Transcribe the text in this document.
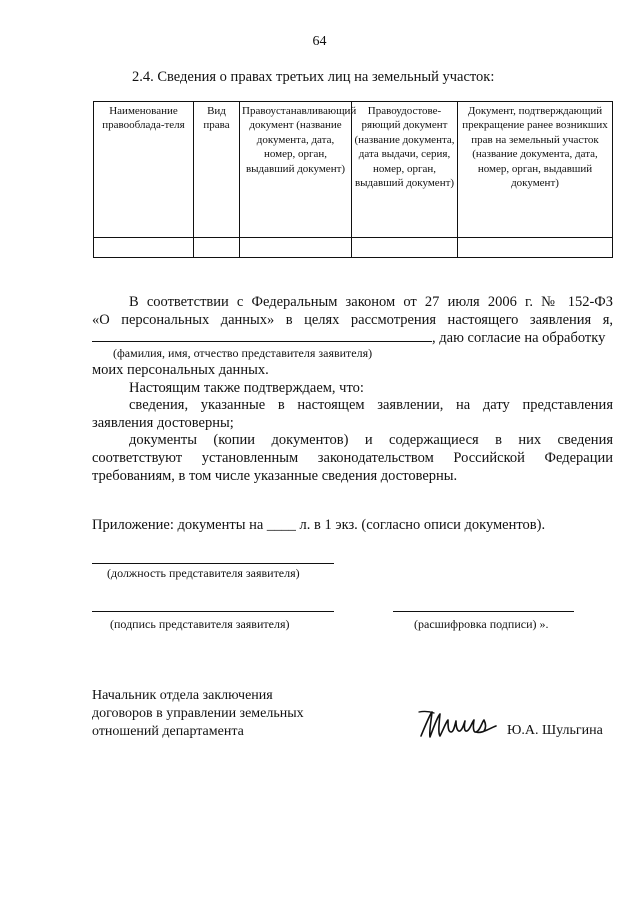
64
2.4. Сведения о правах третьих лиц на земельный участок:
Наименование правооблада-теля	Вид права	Правоустанавливающий документ (название документа, дата, номер, орган, выдавший документ)	Правоудостове-ряющий документ (название документа, дата выдачи, серия, номер, орган, выдавший документ)	Документ, подтверждающий прекращение ранее возникших прав на земельный участок (название документа, дата, номер, орган, выдавший документ)

В соответствии с Федеральным законом от 27 июля 2006 г. № 152-ФЗ
«О персональных данных» в целях рассмотрения настоящего заявления я,
, даю согласие на обработку
(фамилия, имя, отчество представителя заявителя)
моих персональных данных.
Настоящим также подтверждаем, что:
сведения, указанные в настоящем заявлении, на дату представления заявления достоверны;
документы (копии документов) и содержащиеся в них сведения соответствуют установленным законодательством Российской Федерации требованиям, в том числе указанные сведения достоверны.
Приложение: документы на ____ л. в 1 экз. (согласно описи документов).
(должность представителя заявителя)
(подпись представителя заявителя)	(расшифровка подписи) ».
Начальник отдела заключения
договоров в управлении земельных
отношений департамента	Ю.А. Шульгина
